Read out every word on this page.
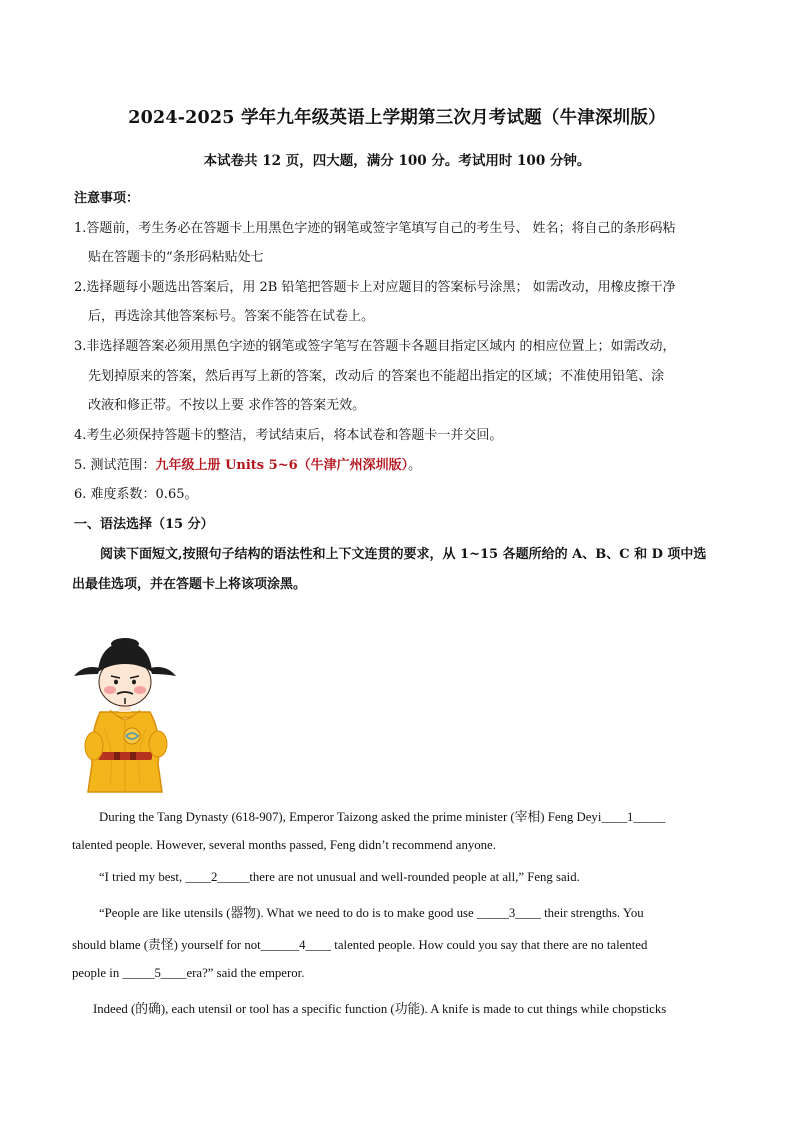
2024-2025 学年九年级英语上学期第三次月考试题（牛津深圳版）
本试卷共 12 页，四大题，满分 100 分。考试用时 100 分钟。
注意事项：
1.答题前，考生务必在答题卡上用黑色字迹的钢笔或签字笔填写自己的考生号、 姓名；将自己的条形码粘
贴在答题卡的“条形码粘贴处七
2.选择题每小题选出答案后，用 2B 铅笔把答题卡上对应题目的答案标号涂黑； 如需改动，用橡皮擦干净
后，再选涂其他答案标号。答案不能答在试卷上。
3.非选择题答案必须用黑色字迹的钢笔或签字笔写在答题卡各题目指定区域内 的相应位置上；如需改动，
先划掉原来的答案，然后再写上新的答案，改动后 的答案也不能超出指定的区域；不准使用铅笔、涂
改液和修正带。不按以上要 求作答的答案无效。
4.考生必须保持答题卡的整洁，考试结束后，将本试卷和答题卡一并交回。
5. 测试范围：九年级上册 Units 5~6（牛津广州深圳版）。
6. 难度系数：0.65。
一、语法选择（15 分）
阅读下面短文,按照句子结构的语法性和上下文连贯的要求，从 1~15 各题所给的 A、B、C 和 D 项中选
出最佳选项，并在答题卡上将该项涂黑。
During the Tang Dynasty (618-907), Emperor Taizong asked the prime minister (宰相) Feng Deyi____1_____
talented people. However, several months passed, Feng didn’t recommend anyone.
“I tried my best, ____2_____there are not unusual and well-rounded people at all,” Feng said.
“People are like utensils (器物). What we need to do is to make good use _____3____ their strengths. You
should blame (责怪) yourself for not______4____ talented people. How could you say that there are no talented
people in _____5____era?” said the emperor.
Indeed (的确), each utensil or tool has a specific function (功能). A knife is made to cut things while chopsticks
